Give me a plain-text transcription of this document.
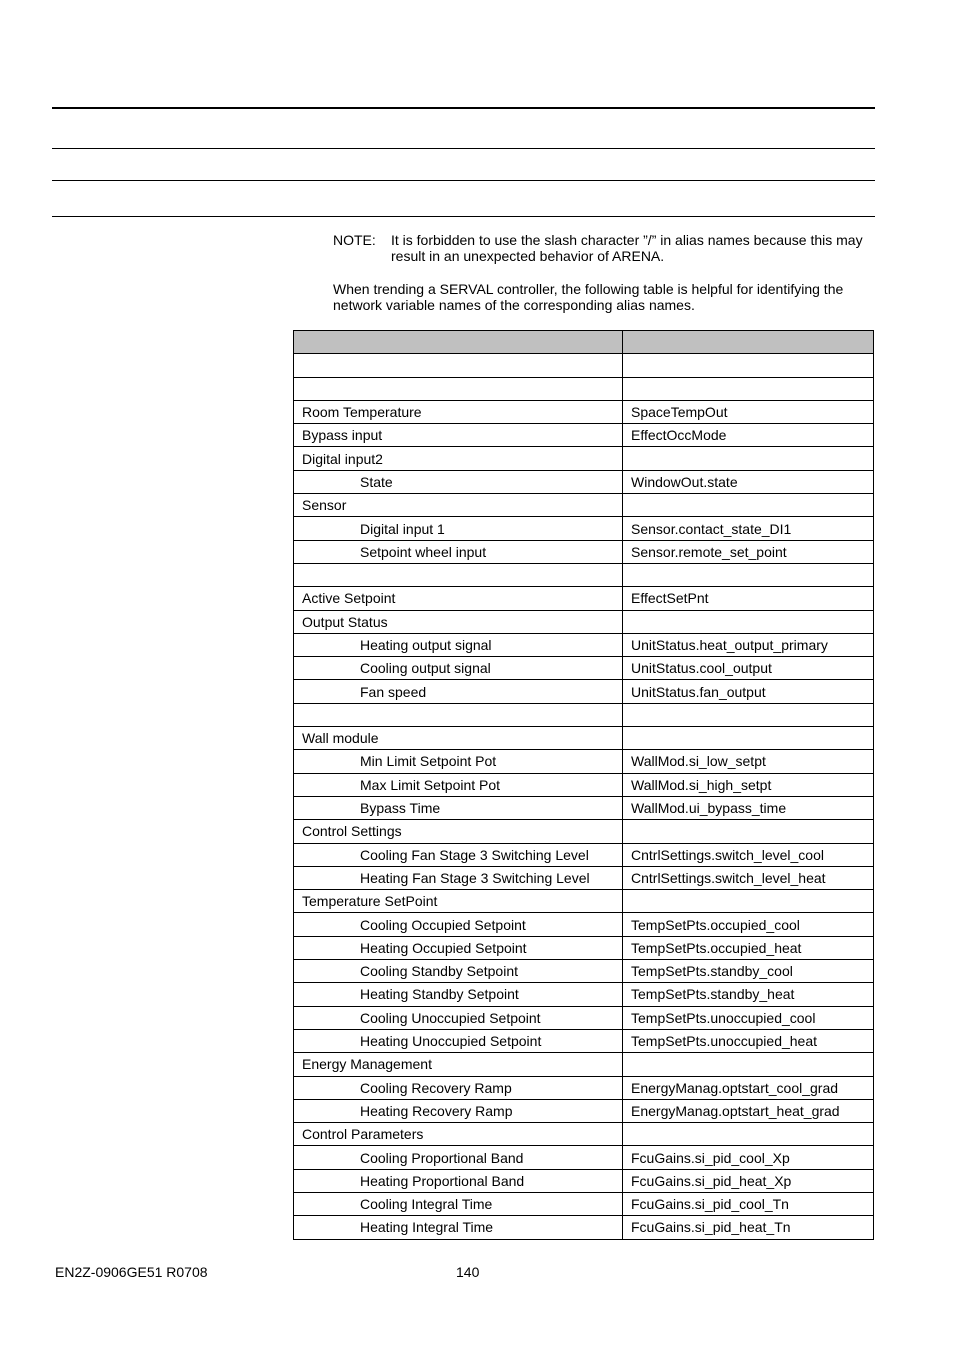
NOTE: It is forbidden to use the slash character ”/” in alias names because this may result in an unexpected behavior of ARENA.
When trending a SERVAL controller, the following table is helpful for identifying the network variable names of the corresponding alias names.

Room Temperature	SpaceTempOut
Bypass input	EffectOccMode
Digital input2	
State	WindowOut.state
Sensor	
Digital input 1	Sensor.contact_state_DI1
Setpoint wheel input	Sensor.remote_set_point

Active Setpoint	EffectSetPnt
Output Status	
Heating output signal	UnitStatus.heat_output_primary
Cooling output signal	UnitStatus.cool_output
Fan speed	UnitStatus.fan_output

Wall module	
Min Limit Setpoint Pot	WallMod.si_low_setpt
Max Limit Setpoint Pot	WallMod.si_high_setpt
Bypass Time	WallMod.ui_bypass_time
Control Settings	
Cooling Fan Stage 3 Switching Level	CntrlSettings.switch_level_cool
Heating Fan Stage 3 Switching Level	CntrlSettings.switch_level_heat
Temperature SetPoint	
Cooling Occupied Setpoint	TempSetPts.occupied_cool
Heating Occupied Setpoint	TempSetPts.occupied_heat
Cooling Standby Setpoint	TempSetPts.standby_cool
Heating Standby Setpoint	TempSetPts.standby_heat
Cooling Unoccupied Setpoint	TempSetPts.unoccupied_cool
Heating Unoccupied Setpoint	TempSetPts.unoccupied_heat
Energy Management	
Cooling Recovery Ramp	EnergyManag.optstart_cool_grad
Heating Recovery Ramp	EnergyManag.optstart_heat_grad
Control Parameters	
Cooling Proportional Band	FcuGains.si_pid_cool_Xp
Heating Proportional Band	FcuGains.si_pid_heat_Xp
Cooling Integral Time	FcuGains.si_pid_cool_Tn
Heating Integral Time	FcuGains.si_pid_heat_Tn
EN2Z-0906GE51 R0708	140
